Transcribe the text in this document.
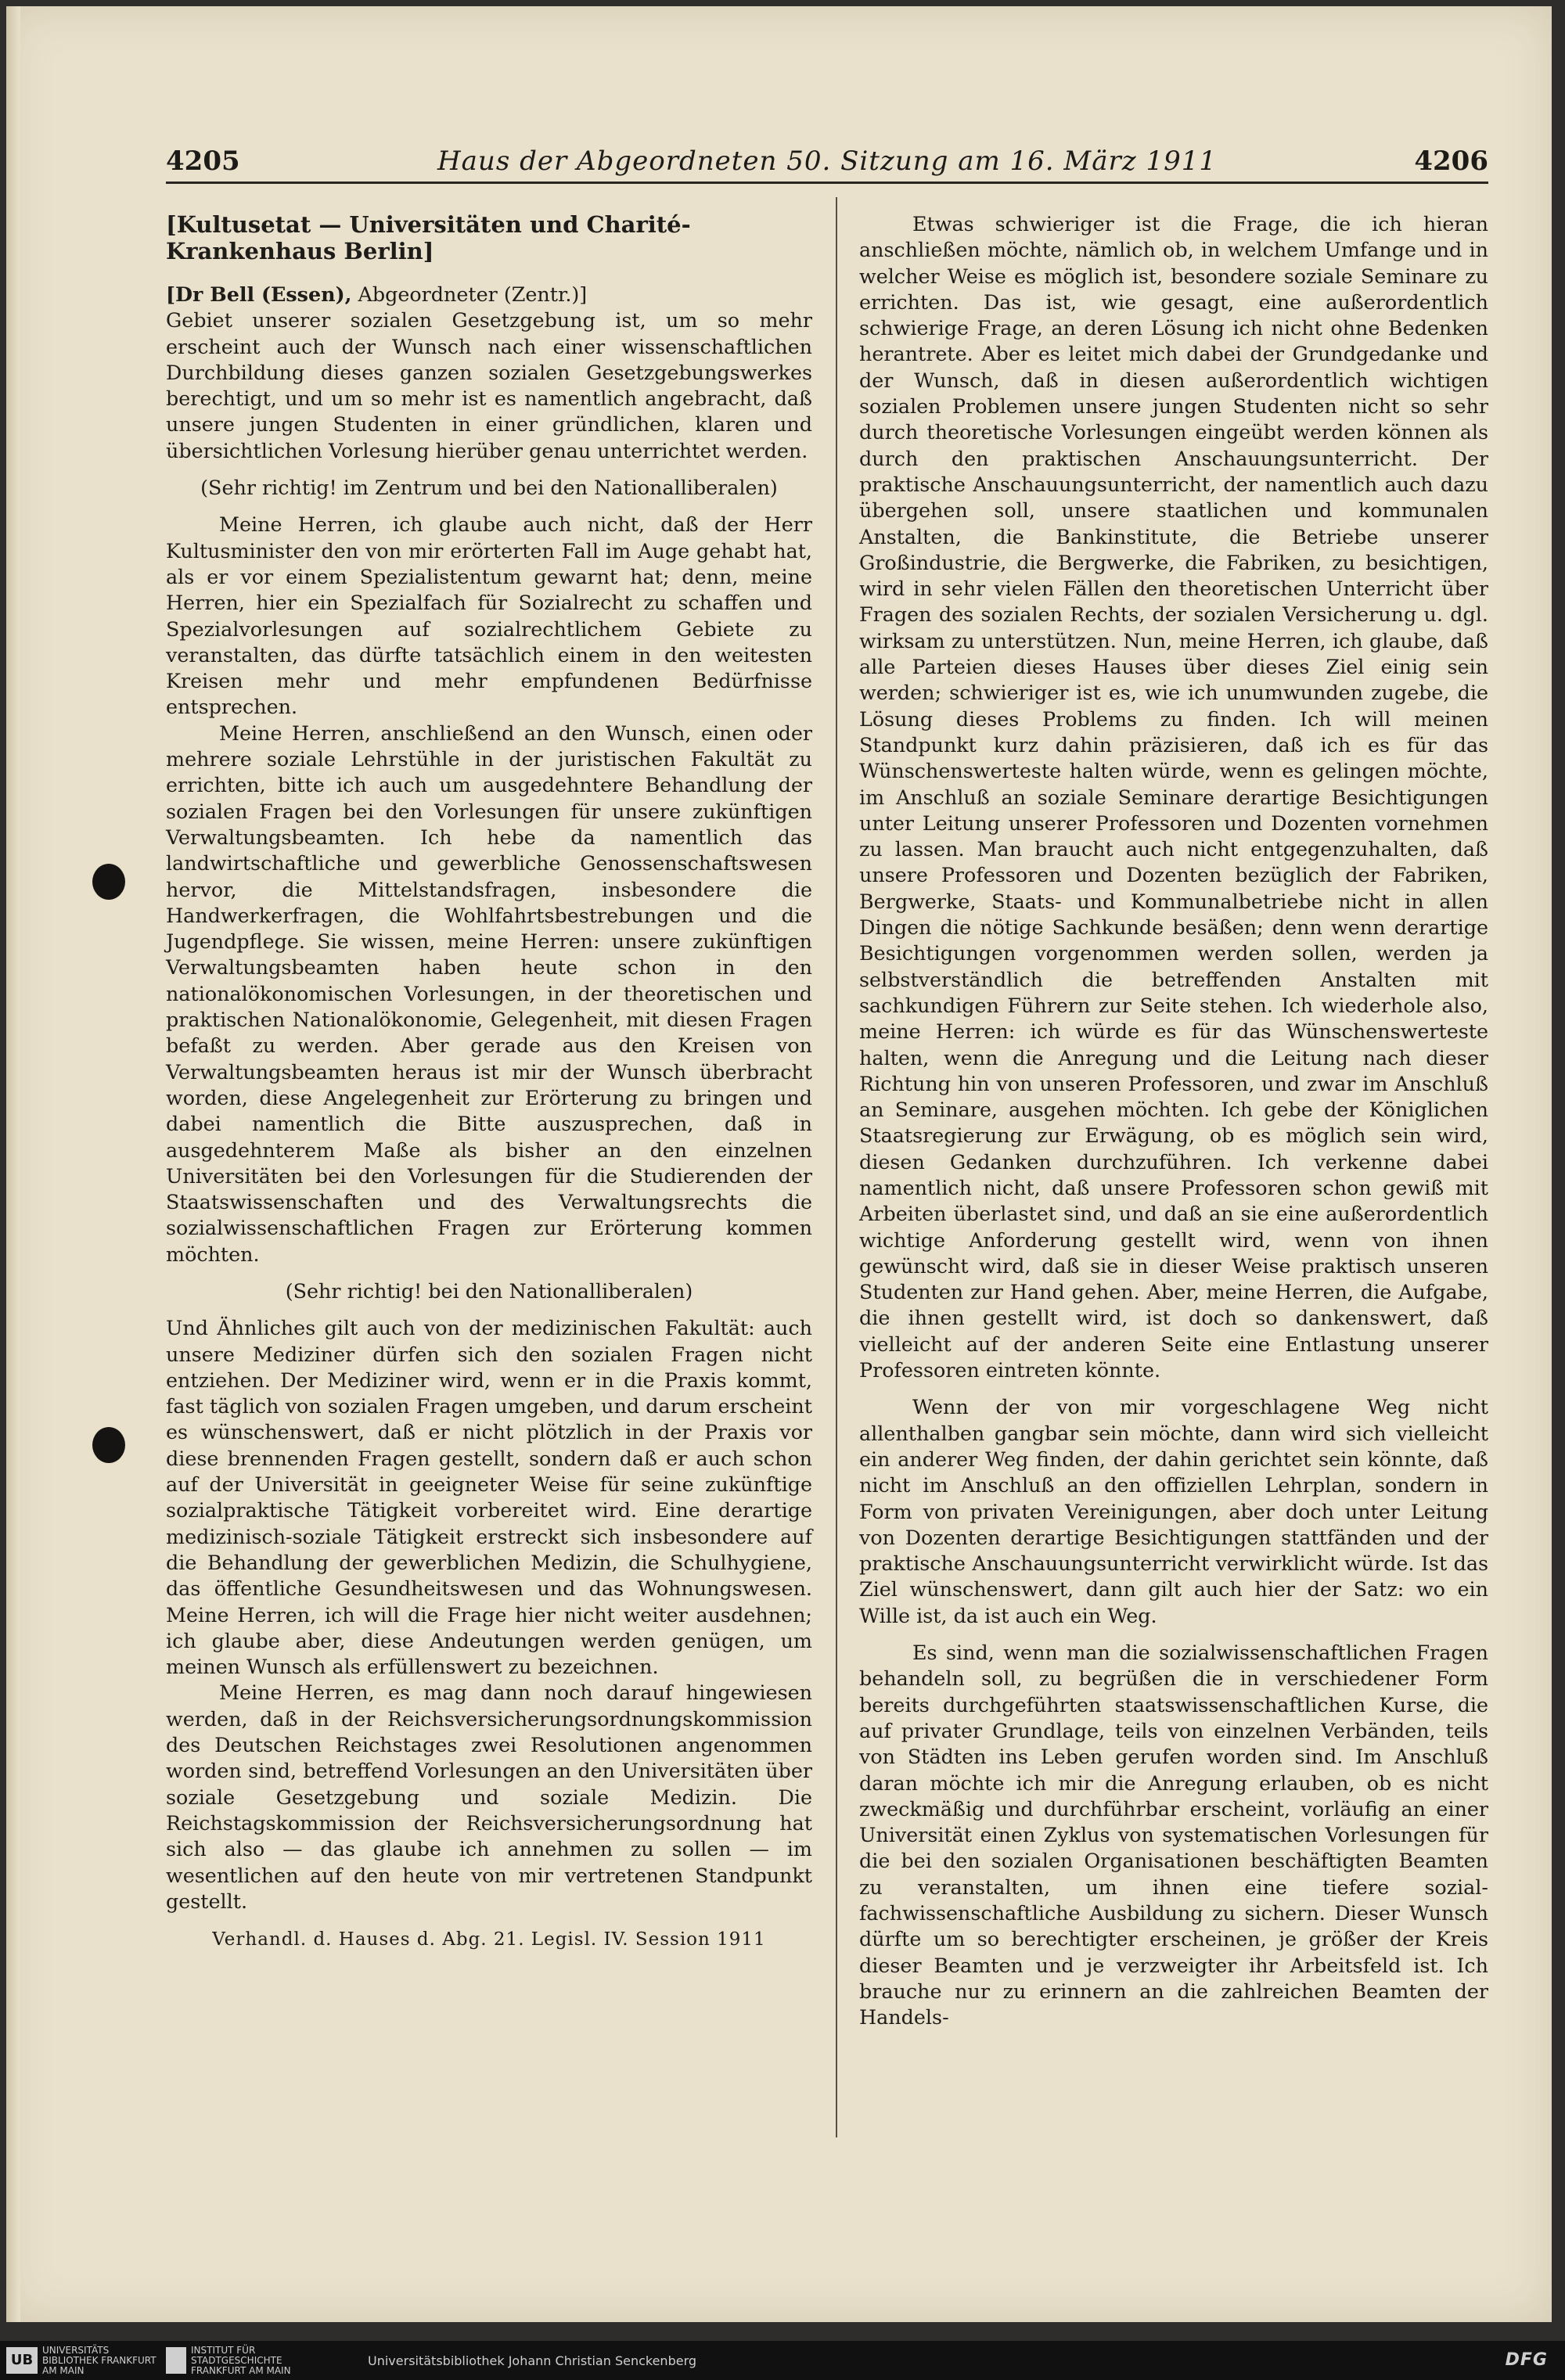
4205	Haus der Abgeordneten 50. Sitzung am 16. März 1911	4206

[Kultusetat — Universitäten und Charité-Krankenhaus Berlin]

[Dr Bell (Essen), Abgeordneter (Zentr.)]

Gebiet unserer sozialen Gesetzgebung ist, um so mehr erscheint auch der Wunsch nach einer wissenschaftlichen Durchbildung dieses ganzen sozialen Gesetzgebungswerkes berechtigt, und um so mehr ist es namentlich angebracht, daß unsere jungen Studenten in einer gründlichen, klaren und übersichtlichen Vorlesung hierüber genau unterrichtet werden.

(Sehr richtig! im Zentrum und bei den Nationalliberalen)

Meine Herren, ich glaube auch nicht, daß der Herr Kultusminister den von mir erörterten Fall im Auge gehabt hat, als er vor einem Spezialistentum gewarnt hat; denn, meine Herren, hier ein Spezialfach für Sozialrecht zu schaffen und Spezialvorlesungen auf sozialrechtlichem Gebiete zu veranstalten, das dürfte tatsächlich einem in den weitesten Kreisen mehr und mehr empfundenen Bedürfnisse entsprechen.

Meine Herren, anschließend an den Wunsch, einen oder mehrere soziale Lehrstühle in der juristischen Fakultät zu errichten, bitte ich auch um ausgedehntere Behandlung der sozialen Fragen bei den Vorlesungen für unsere zukünftigen Verwaltungsbeamten. Ich hebe da namentlich das landwirtschaftliche und gewerbliche Genossenschaftswesen hervor, die Mittelstandsfragen, insbesondere die Handwerkerfragen, die Wohlfahrtsbestrebungen und die Jugendpflege. Sie wissen, meine Herren: unsere zukünftigen Verwaltungsbeamten haben heute schon in den nationalökonomischen Vorlesungen, in der theoretischen und praktischen Nationalökonomie, Gelegenheit, mit diesen Fragen befaßt zu werden. Aber gerade aus den Kreisen von Verwaltungsbeamten heraus ist mir der Wunsch überbracht worden, diese Angelegenheit zur Erörterung zu bringen und dabei namentlich die Bitte auszusprechen, daß in ausgedehnterem Maße als bisher an den einzelnen Universitäten bei den Vorlesungen für die Studierenden der Staatswissenschaften und des Verwaltungsrechts die sozialwissenschaftlichen Fragen zur Erörterung kommen möchten.

(Sehr richtig! bei den Nationalliberalen)

Und Ähnliches gilt auch von der medizinischen Fakultät: auch unsere Mediziner dürfen sich den sozialen Fragen nicht entziehen. Der Mediziner wird, wenn er in die Praxis kommt, fast täglich von sozialen Fragen umgeben, und darum erscheint es wünschenswert, daß er nicht plötzlich in der Praxis vor diese brennenden Fragen gestellt, sondern daß er auch schon auf der Universität in geeigneter Weise für seine zukünftige sozialpraktische Tätigkeit vorbereitet wird. Eine derartige medizinisch-soziale Tätigkeit erstreckt sich insbesondere auf die Behandlung der gewerblichen Medizin, die Schulhygiene, das öffentliche Gesundheitswesen und das Wohnungswesen. Meine Herren, ich will die Frage hier nicht weiter ausdehnen; ich glaube aber, diese Andeutungen werden genügen, um meinen Wunsch als erfüllenswert zu bezeichnen.

Meine Herren, es mag dann noch darauf hingewiesen werden, daß in der Reichsversicherungsordnungskommission des Deutschen Reichstages zwei Resolutionen angenommen worden sind, betreffend Vorlesungen an den Universitäten über soziale Gesetzgebung und soziale Medizin. Die Reichstagskommission der Reichsversicherungsordnung hat sich also — das glaube ich annehmen zu sollen — im wesentlichen auf den heute von mir vertretenen Standpunkt gestellt.

Verhandl. d. Hauses d. Abg. 21. Legisl. IV. Session 1911

Etwas schwieriger ist die Frage, die ich hieran anschließen möchte, nämlich ob, in welchem Umfange und in welcher Weise es möglich ist, besondere soziale Seminare zu errichten. Das ist, wie gesagt, eine außerordentlich schwierige Frage, an deren Lösung ich nicht ohne Bedenken herantrete. Aber es leitet mich dabei der Grundgedanke und der Wunsch, daß in diesen außerordentlich wichtigen sozialen Problemen unsere jungen Studenten nicht so sehr durch theoretische Vorlesungen eingeübt werden können als durch den praktischen Anschauungsunterricht. Der praktische Anschauungsunterricht, der namentlich auch dazu übergehen soll, unsere staatlichen und kommunalen Anstalten, die Bankinstitute, die Betriebe unserer Großindustrie, die Bergwerke, die Fabriken, zu besichtigen, wird in sehr vielen Fällen den theoretischen Unterricht über Fragen des sozialen Rechts, der sozialen Versicherung u. dgl. wirksam zu unterstützen. Nun, meine Herren, ich glaube, daß alle Parteien dieses Hauses über dieses Ziel einig sein werden; schwieriger ist es, wie ich unumwunden zugebe, die Lösung dieses Problems zu finden. Ich will meinen Standpunkt kurz dahin präzisieren, daß ich es für das Wünschenswerteste halten würde, wenn es gelingen möchte, im Anschluß an soziale Seminare derartige Besichtigungen unter Leitung unserer Professoren und Dozenten vornehmen zu lassen. Man braucht auch nicht entgegenzuhalten, daß unsere Professoren und Dozenten bezüglich der Fabriken, Bergwerke, Staats- und Kommunalbetriebe nicht in allen Dingen die nötige Sachkunde besäßen; denn wenn derartige Besichtigungen vorgenommen werden sollen, werden ja selbstverständlich die betreffenden Anstalten mit sachkundigen Führern zur Seite stehen. Ich wiederhole also, meine Herren: ich würde es für das Wünschenswerteste halten, wenn die Anregung und die Leitung nach dieser Richtung hin von unseren Professoren, und zwar im Anschluß an Seminare, ausgehen möchten. Ich gebe der Königlichen Staatsregierung zur Erwägung, ob es möglich sein wird, diesen Gedanken durchzuführen. Ich verkenne dabei namentlich nicht, daß unsere Professoren schon gewiß mit Arbeiten überlastet sind, und daß an sie eine außerordentlich wichtige Anforderung gestellt wird, wenn von ihnen gewünscht wird, daß sie in dieser Weise praktisch unseren Studenten zur Hand gehen. Aber, meine Herren, die Aufgabe, die ihnen gestellt wird, ist doch so dankenswert, daß vielleicht auf der anderen Seite eine Entlastung unserer Professoren eintreten könnte.

Wenn der von mir vorgeschlagene Weg nicht allenthalben gangbar sein möchte, dann wird sich vielleicht ein anderer Weg finden, der dahin gerichtet sein könnte, daß nicht im Anschluß an den offiziellen Lehrplan, sondern in Form von privaten Vereinigungen, aber doch unter Leitung von Dozenten derartige Besichtigungen stattfänden und der praktische Anschauungsunterricht verwirklicht würde. Ist das Ziel wünschenswert, dann gilt auch hier der Satz: wo ein Wille ist, da ist auch ein Weg.

Es sind, wenn man die sozialwissenschaftlichen Fragen behandeln soll, zu begrüßen die in verschiedener Form bereits durchgeführten staatswissenschaftlichen Kurse, die auf privater Grundlage, teils von einzelnen Verbänden, teils von Städten ins Leben gerufen worden sind. Im Anschluß daran möchte ich mir die Anregung erlauben, ob es nicht zweckmäßig und durchführbar erscheint, vorläufig an einer Universität einen Zyklus von systematischen Vorlesungen für die bei den sozialen Organisationen beschäftigten Beamten zu veranstalten, um ihnen eine tiefere sozial-fachwissenschaftliche Ausbildung zu sichern. Dieser Wunsch dürfte um so berechtigter erscheinen, je größer der Kreis dieser Beamten und je verzweigter ihr Arbeitsfeld ist. Ich brauche nur zu erinnern an die zahlreichen Beamten der Handels-

UB
UNIVERSITÄTS BIBLIOTHEK FRANKFURT AM MAIN
INSTITUT FÜR STADTGESCHICHTE FRANKFURT AM MAIN
Universitätsbibliothek Johann Christian Senckenberg	DFG
